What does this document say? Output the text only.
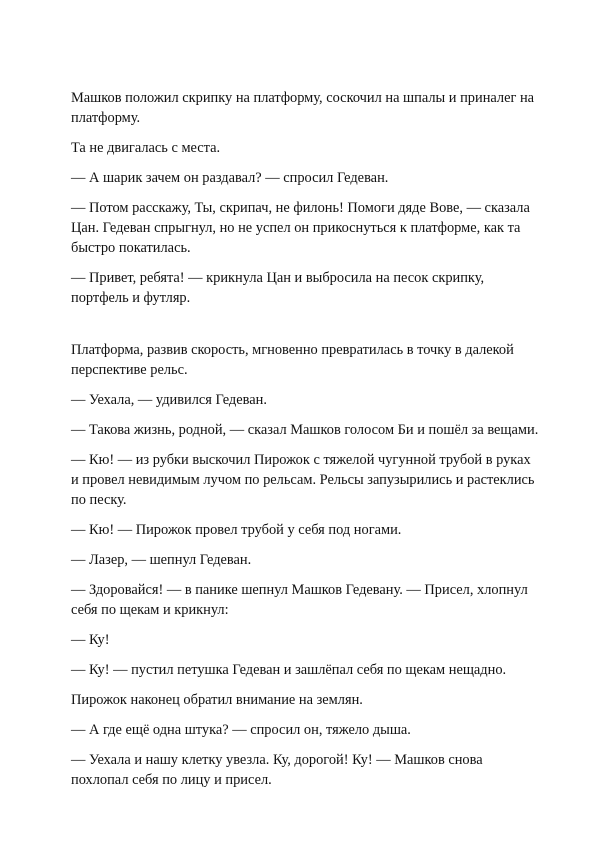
Машков положил скрипку на платформу, соскочил на шпалы и приналег на платформу.

Та не двигалась с места.

— А шарик зачем он раздавал? — спросил Гедеван.

— Потом расскажу, Ты, скрипач, не филонь! Помоги дяде Вове, — сказала Цан. Гедеван спрыгнул, но не успел он прикоснуться к платформе, как та быстро покатилась.

— Привет, ребята! — крикнула Цан и выбросила на песок скрипку, портфель и футляр.

Платформа, развив скорость, мгновенно превратилась в точку в далекой перспективе рельс.

— Уехала, — удивился Гедеван.

— Такова жизнь, родной, — сказал Машков голосом Би и пошёл за вещами.

— Кю! — из рубки выскочил Пирожок с тяжелой чугунной трубой в руках и провел невидимым лучом по рельсам. Рельсы запузырились и растеклись по песку.

— Кю! — Пирожок провел трубой у себя под ногами.

— Лазер, — шепнул Гедеван.

— Здоровайся! — в панике шепнул Машков Гедевану. — Присел, хлопнул себя по щекам и крикнул:

— Ку!

— Ку! — пустил петушка Гедеван и зашлёпал себя по щекам нещадно.

Пирожок наконец обратил внимание на землян.

— А где ещё одна штука? — спросил он, тяжело дыша.

— Уехала и нашу клетку увезла. Ку, дорогой! Ку! — Машков снова похлопал себя по лицу и присел.
